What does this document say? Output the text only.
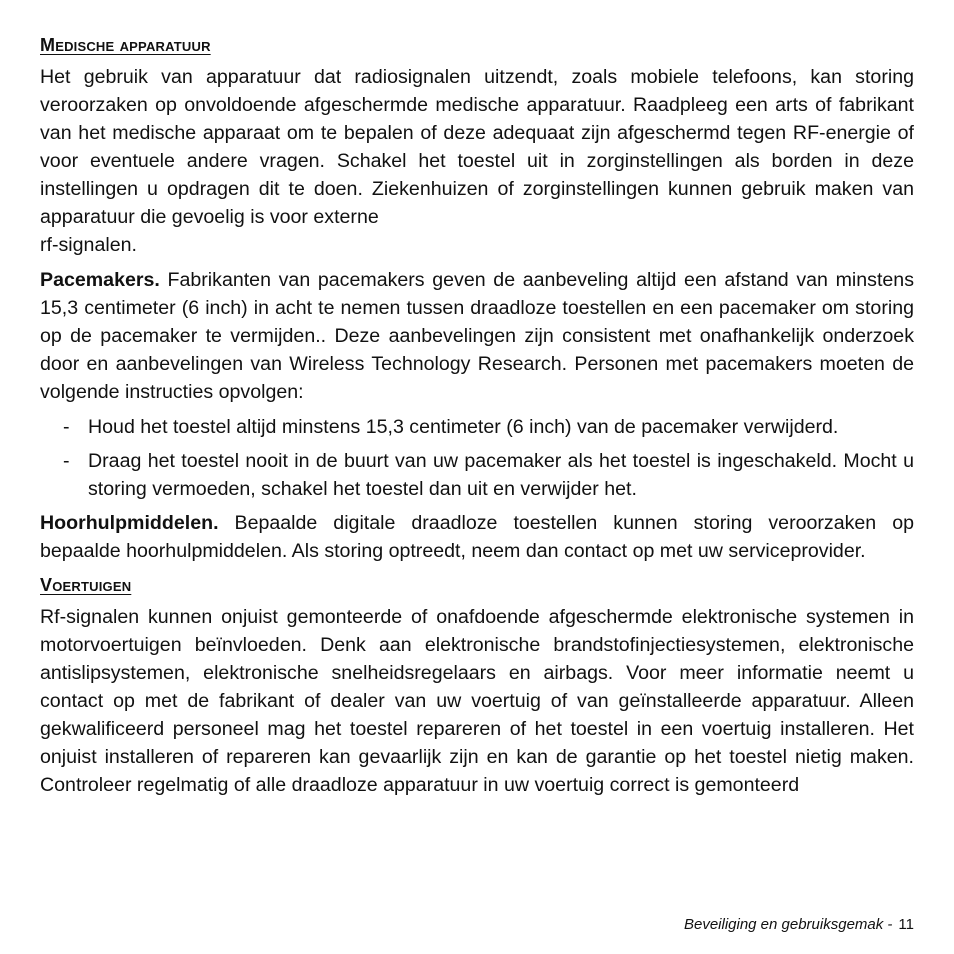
Medische apparatuur

Het gebruik van apparatuur dat radiosignalen uitzendt, zoals mobiele telefoons, kan storing veroorzaken op onvoldoende afgeschermde medische apparatuur. Raadpleeg een arts of fabrikant van het medische apparaat om te bepalen of deze adequaat zijn afgeschermd tegen RF-energie of voor eventuele andere vragen. Schakel het toestel uit in zorginstellingen als borden in deze instellingen u opdragen dit te doen. Ziekenhuizen of zorginstellingen kunnen gebruik maken van apparatuur die gevoelig is voor externe

rf-signalen.

Pacemakers. Fabrikanten van pacemakers geven de aanbeveling altijd een afstand van minstens 15,3 centimeter (6 inch) in acht te nemen tussen draadloze toestellen en een pacemaker om storing op de pacemaker te vermijden.. Deze aanbevelingen zijn consistent met onafhankelijk onderzoek door en aanbevelingen van Wireless Technology Research. Personen met pacemakers moeten de volgende instructies opvolgen:

- Houd het toestel altijd minstens 15,3 centimeter (6 inch) van de pacemaker verwijderd.
- Draag het toestel nooit in de buurt van uw pacemaker als het toestel is ingeschakeld. Mocht u storing vermoeden, schakel het toestel dan uit en verwijder het.

Hoorhulpmiddelen. Bepaalde digitale draadloze toestellen kunnen storing veroorzaken op bepaalde hoorhulpmiddelen. Als storing optreedt, neem dan contact op met uw serviceprovider.

Voertuigen

Rf-signalen kunnen onjuist gemonteerde of onafdoende afgeschermde elektronische systemen in motorvoertuigen beïnvloeden. Denk aan elektronische brandstofinjectiesystemen, elektronische antislipsystemen, elektronische snelheidsregelaars en airbags. Voor meer informatie neemt u contact op met de fabrikant of dealer van uw voertuig of van geïnstalleerde apparatuur. Alleen gekwalificeerd personeel mag het toestel repareren of het toestel in een voertuig installeren. Het onjuist installeren of repareren kan gevaarlijk zijn en kan de garantie op het toestel nietig maken. Controleer regelmatig of alle draadloze apparatuur in uw voertuig correct is gemonteerd

Beveiliging en gebruiksgemak - 11
